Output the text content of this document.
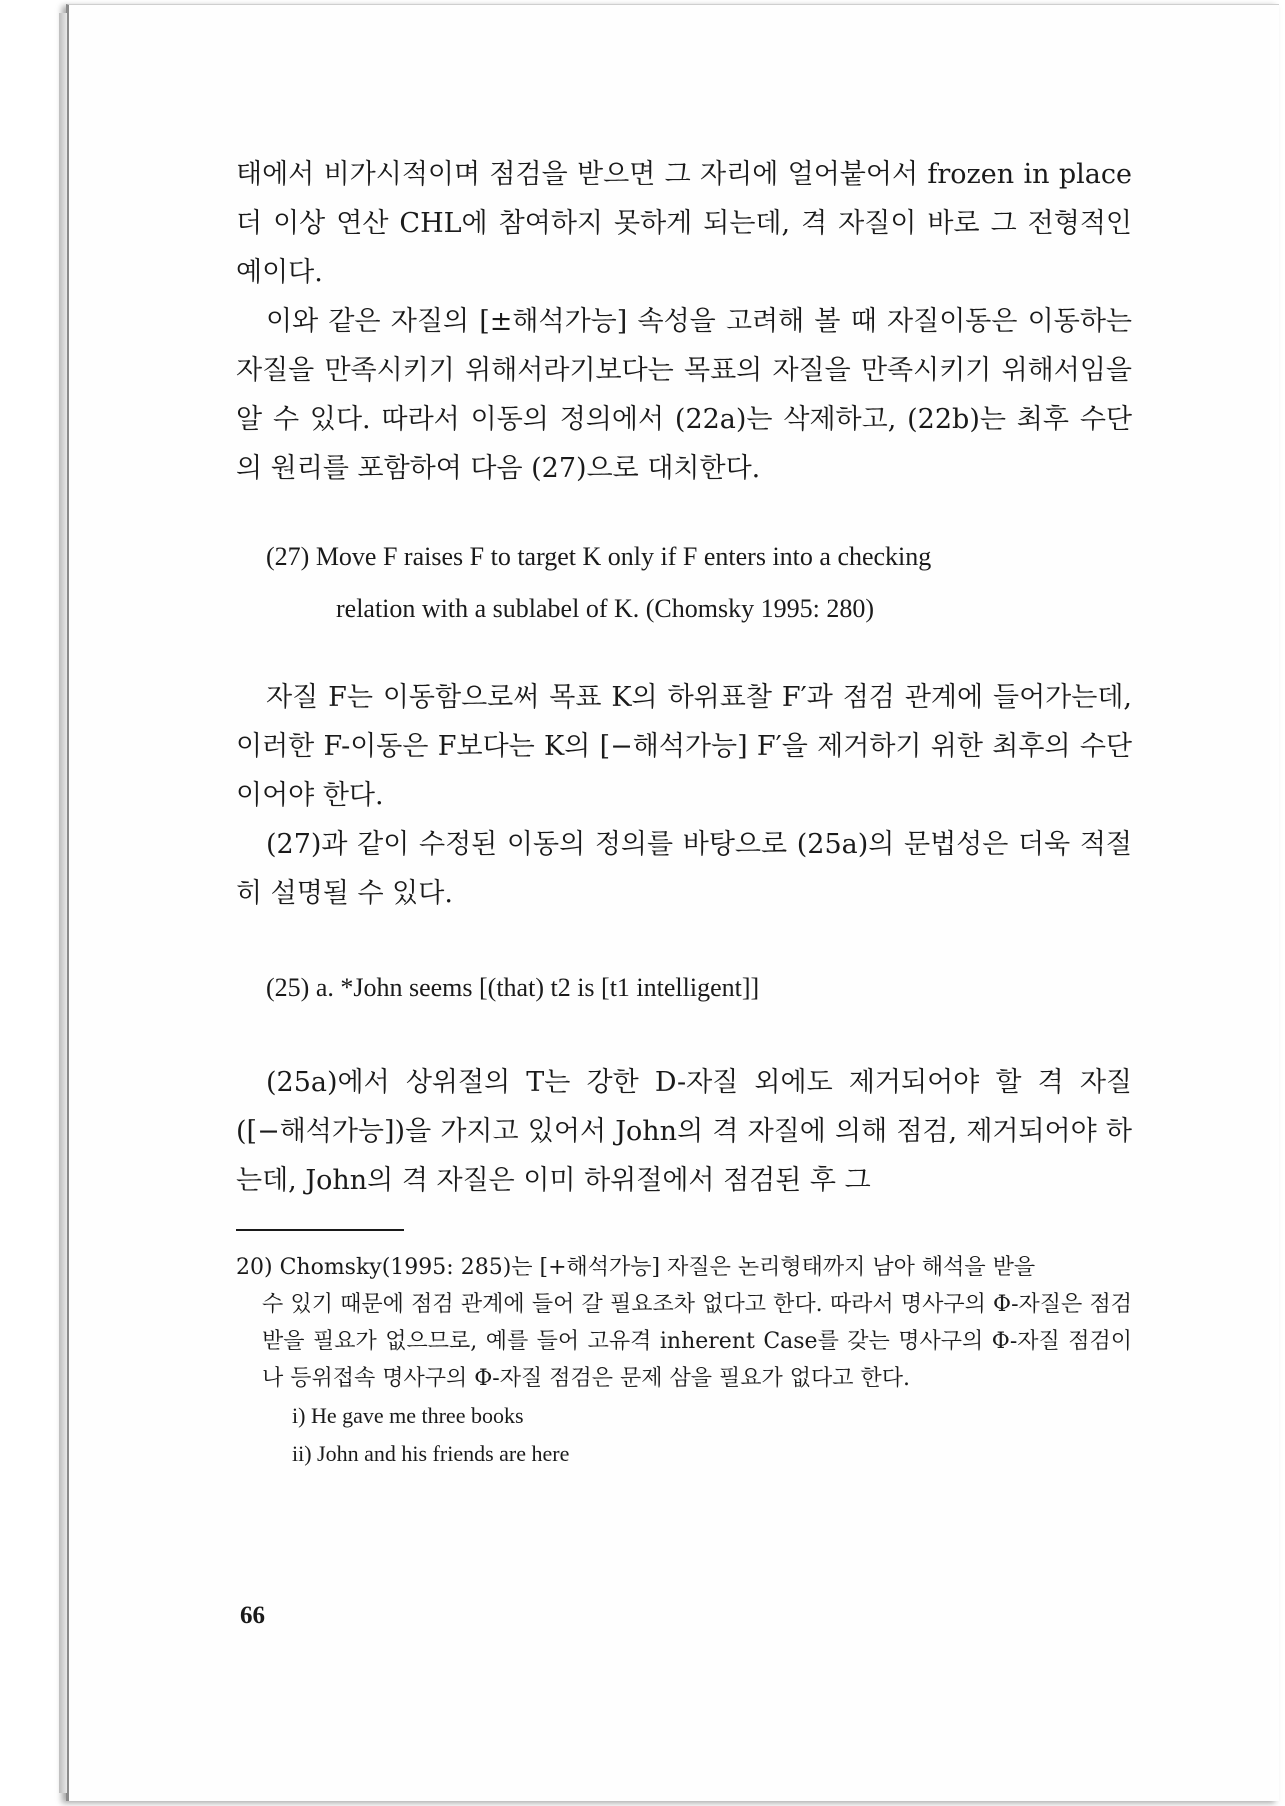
태에서 비가시적이며 점검을 받으면 그 자리에 얼어붙어서 frozen in place 더 이상 연산 CHL에 참여하지 못하게 되는데, 격 자질이 바로 그 전형적인 예이다.

이와 같은 자질의 [±해석가능] 속성을 고려해 볼 때 자질이동은 이동하는 자질을 만족시키기 위해서라기보다는 목표의 자질을 만족시키기 위해서임을 알 수 있다. 따라서 이동의 정의에서 (22a)는 삭제하고, (22b)는 최후 수단의 원리를 포함하여 다음 (27)으로 대치한다.

(27) Move F raises F to target K only if F enters into a checking

relation with a sublabel of K. (Chomsky 1995: 280)

자질 F는 이동함으로써 목표 K의 하위표찰 F′과 점검 관계에 들어가는데, 이러한 F-이동은 F보다는 K의 [−해석가능] F′을 제거하기 위한 최후의 수단이어야 한다.

(27)과 같이 수정된 이동의 정의를 바탕으로 (25a)의 문법성은 더욱 적절히 설명될 수 있다.

(25) a. *John seems [(that) t2 is [t1 intelligent]]

(25a)에서 상위절의 T는 강한 D-자질 외에도 제거되어야 할 격 자질([−해석가능])을 가지고 있어서 John의 격 자질에 의해 점검, 제거되어야 하는데, John의 격 자질은 이미 하위절에서 점검된 후 그

20) Chomsky(1995: 285)는 [+해석가능] 자질은 논리형태까지 남아 해석을 받을

수 있기 때문에 점검 관계에 들어 갈 필요조차 없다고 한다. 따라서 명사구의 Φ-자질은 점검받을 필요가 없으므로, 예를 들어 고유격 inherent Case를 갖는 명사구의 Φ-자질 점검이나 등위접속 명사구의 Φ-자질 점검은 문제 삼을 필요가 없다고 한다.

i) He gave me three books

ii) John and his friends are here

66
